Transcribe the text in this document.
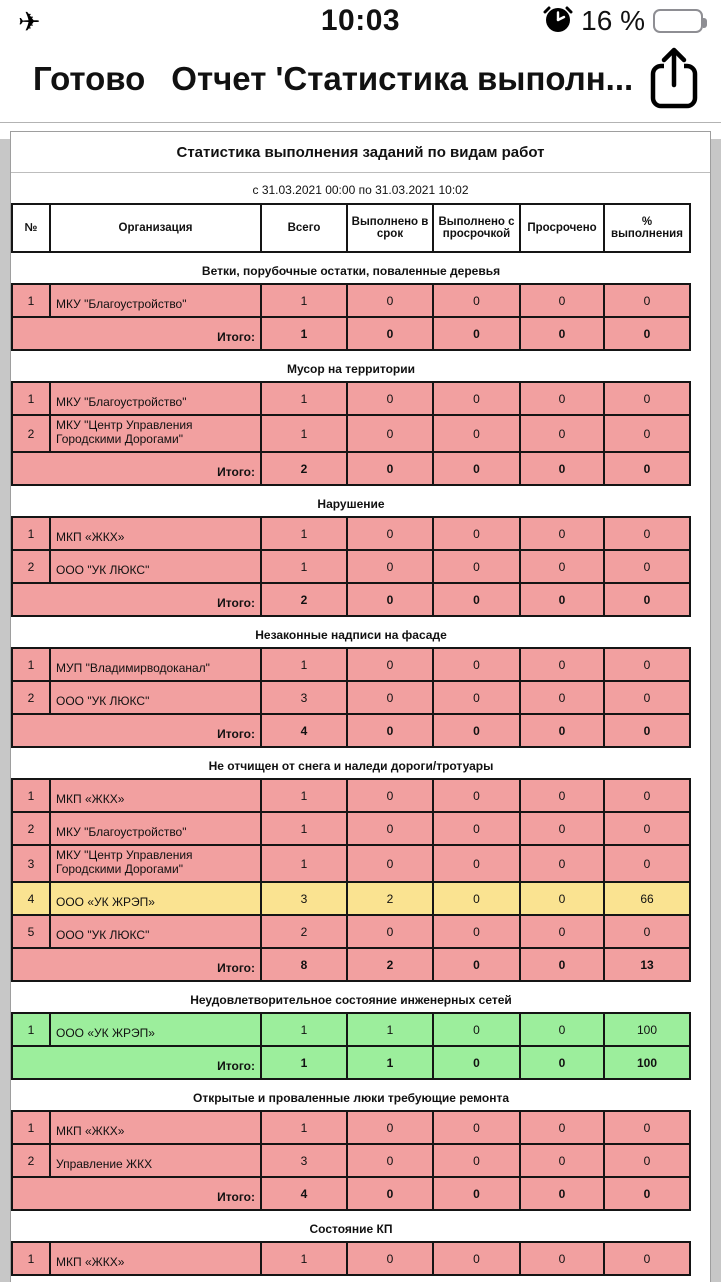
✈	10:03	16 %
Готово Отчет 'Статистика выполн...
Статистика выполнения заданий по видам работ
с 31.03.2021 00:00 по 31.03.2021 10:02
№	Организация	Всего	Выполнено в срок	Выполнено с просрочкой	Просрочено	% выполнения
Ветки, порубочные остатки, поваленные деревья						
1	МКУ "Благоустройство"	1	0	0	0	0
Итого:		1	0	0	0	0
Мусор на территории						
1	МКУ "Благоустройство"	1	0	0	0	0
2	МКУ "Центр Управления Городскими Дорогами"	1	0	0	0	0
Итого:		2	0	0	0	0
Нарушение						
1	МКП «ЖКХ»	1	0	0	0	0
2	ООО "УК ЛЮКС"	1	0	0	0	0
Итого:		2	0	0	0	0
Незаконные надписи на фасаде						
1	МУП "Владимирводоканал"	1	0	0	0	0
2	ООО "УК ЛЮКС"	3	0	0	0	0
Итого:		4	0	0	0	0
Не отчищен от снега и наледи дороги/тротуары						
1	МКП «ЖКХ»	1	0	0	0	0
2	МКУ "Благоустройство"	1	0	0	0	0
3	МКУ "Центр Управления Городскими Дорогами"	1	0	0	0	0
4	ООО «УК ЖРЭП»	3	2	0	0	66
5	ООО "УК ЛЮКС"	2	0	0	0	0
Итого:		8	2	0	0	13
Неудовлетворительное состояние инженерных сетей						
1	ООО «УК ЖРЭП»	1	1	0	0	100
Итого:		1	1	0	0	100
Открытые и проваленные люки требующие ремонта						
1	МКП «ЖКХ»	1	0	0	0	0
2	Управление ЖКХ	3	0	0	0	0
Итого:		4	0	0	0	0
Состояние КП						
1	МКП «ЖКХ»	1	0	0	0	0
